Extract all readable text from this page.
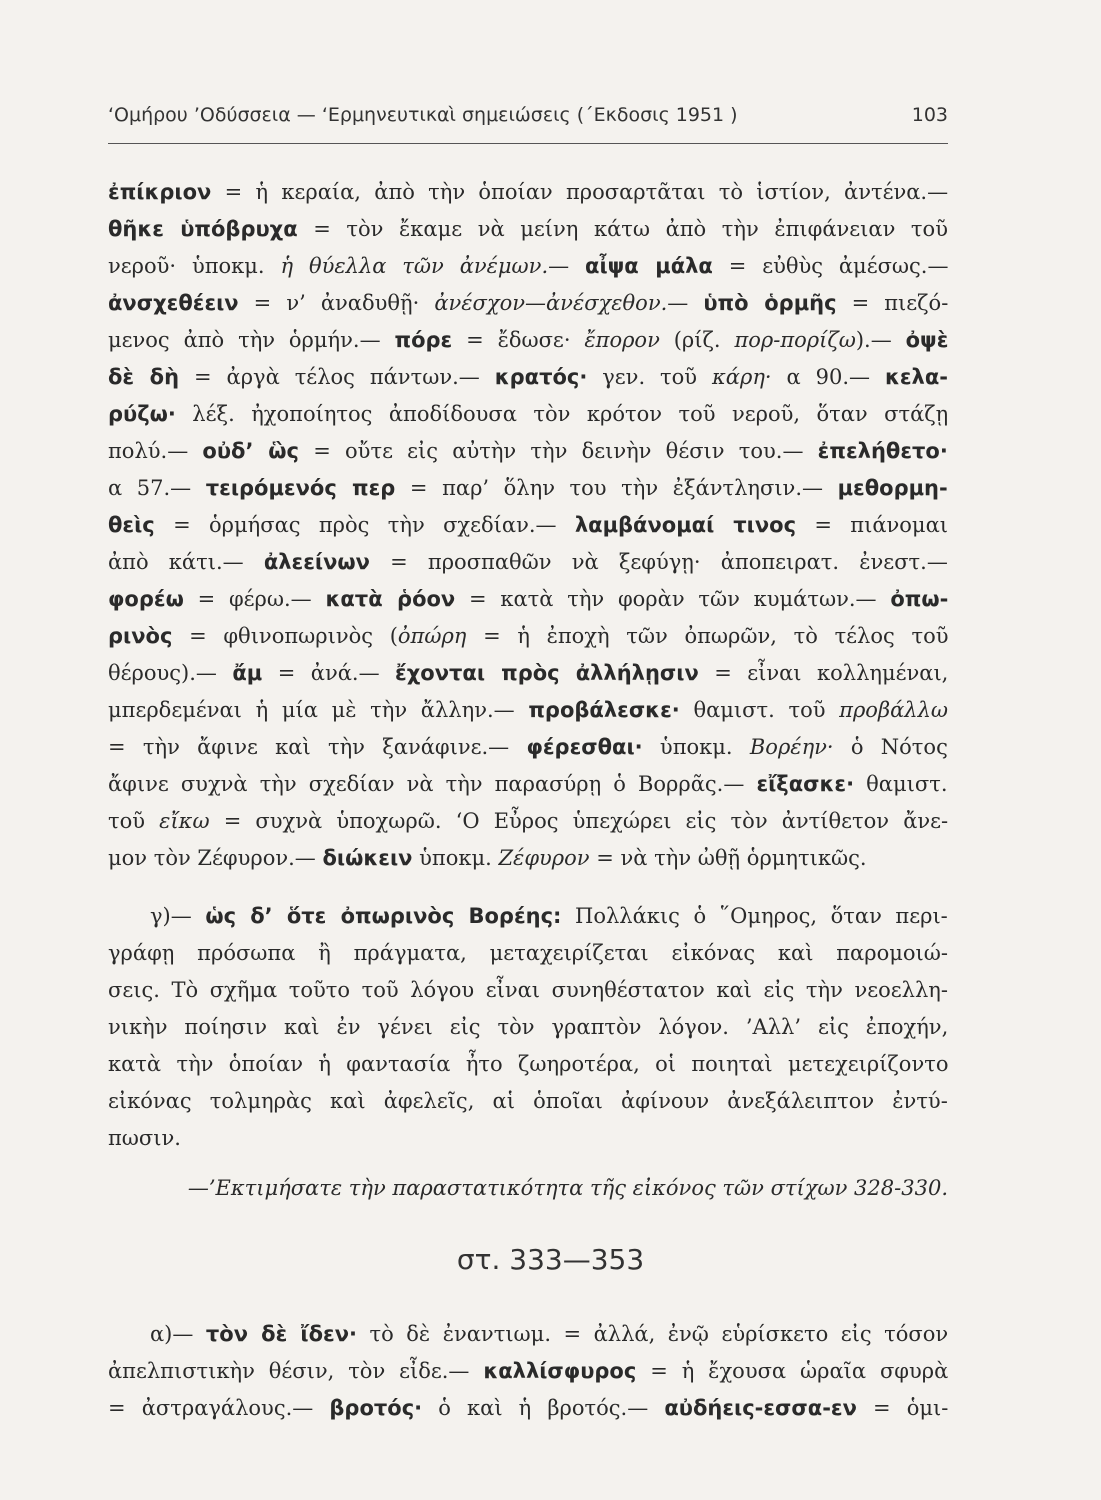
‘Ομήρου ’Οδύσσεια — ‘Ερμηνευτικαὶ σημειώσεις (΄Εκδοσις 1951 )	103
ἐπίκριον = ἡ κεραία, ἀπὸ τὴν ὁποίαν προσαρτᾶται τὸ ἱστίον, ἀντένα.—
θῆκε ὑπόβρυχα = τὸν ἔκαμε νὰ μείνη κάτω ἀπὸ τὴν ἐπιφάνειαν τοῦ
νεροῦ· ὑποκμ. ἡ θύελλα τῶν ἀνέμων.— αἶψα μάλα = εὐθὺς ἀμέσως.—
ἀνσχεθέειν = ν’ ἀναδυθῇ· ἀνέσχον—ἀνέσχεθον.— ὑπὸ ὁρμῆς = πιεζό-
μενος ἀπὸ τὴν ὁρμήν.— πόρε = ἔδωσε· ἔπορον (ρίζ. πορ-πορίζω).— ὀψὲ
δὲ δὴ = ἀργὰ τέλος πάντων.— κρατός· γεν. τοῦ κάρη· α 90.— κελα-
ρύζω· λέξ. ἠχοποίητος ἀποδίδουσα τὸν κρότον τοῦ νεροῦ, ὅταν στάζῃ
πολύ.— οὐδ’ ὣς = οὔτε εἰς αὐτὴν τὴν δεινὴν θέσιν του.— ἐπελήθετο·
α 57.— τειρόμενός περ = παρ’ ὅλην του τὴν ἐξάντλησιν.— μεθορμη-
θεὶς = ὁρμήσας πρὸς τὴν σχεδίαν.— λαμβάνομαί τινος = πιάνομαι
ἀπὸ κάτι.— ἀλεείνων = προσπαθῶν νὰ ξεφύγῃ· ἀποπειρατ. ἐνεστ.—
φορέω = φέρω.— κατὰ ῥόον = κατὰ τὴν φορὰν τῶν κυμάτων.— ὀπω-
ρινὸς = φθινοπωρινὸς (ὀπώρη = ἡ ἐποχὴ τῶν ὀπωρῶν, τὸ τέλος τοῦ
θέρους).— ἄμ = ἀνά.— ἔχονται πρὸς ἀλλήλῃσιν = εἶναι κολλημέναι,
μπερδεμέναι ἡ μία μὲ τὴν ἄλλην.— προβάλεσκε· θαμιστ. τοῦ προβάλλω
= τὴν ἄφινε καὶ τὴν ξανάφινε.— φέρεσθαι· ὑποκμ. Βορέην· ὁ Νότος
ἄφινε συχνὰ τὴν σχεδίαν νὰ τὴν παρασύρῃ ὁ Βορρᾶς.— εἴξασκε· θαμιστ.
τοῦ εἴκω = συχνὰ ὑποχωρῶ. ‘Ο Εὖρος ὑπεχώρει εἰς τὸν ἀντίθετον ἄνε-
μον τὸν Ζέφυρον.— διώκειν ὑποκμ. Ζέφυρον = νὰ τὴν ὠθῇ ὁρμητικῶς.
γ)— ὡς δ’ ὅτε ὀπωρινὸς Βορέης: Πολλάκις ὁ ῞Ομηρος, ὅταν περι-
γράφῃ πρόσωπα ἢ πράγματα, μεταχειρίζεται εἰκόνας καὶ παρομοιώ-
σεις. Τὸ σχῆμα τοῦτο τοῦ λόγου εἶναι συνηθέστατον καὶ εἰς τὴν νεοελλη-
νικὴν ποίησιν καὶ ἐν γένει εἰς τὸν γραπτὸν λόγον. ’Αλλ’ εἰς ἐποχήν,
κατὰ τὴν ὁποίαν ἡ φαντασία ἦτο ζωηροτέρα, οἱ ποιηταὶ μετεχειρίζοντο
εἰκόνας τολμηρὰς καὶ ἀφελεῖς, αἱ ὁποῖαι ἀφίνουν ἀνεξάλειπτον ἐντύ-
πωσιν.
—’Εκτιμήσατε τὴν παραστατικότητα τῆς εἰκόνος τῶν στίχων 328-330.
στ. 333—353
α)— τὸν δὲ ἴδεν· τὸ δὲ ἐναντιωμ. = ἀλλά, ἐνῷ εὑρίσκετο εἰς τόσον
ἀπελπιστικὴν θέσιν, τὸν εἶδε.— καλλίσφυρος = ἡ ἔχουσα ὡραῖα σφυρὰ
= ἀστραγάλους.— βροτός· ὁ καὶ ἡ βροτός.— αὐδήεις-εσσα-εν = ὁμι-
